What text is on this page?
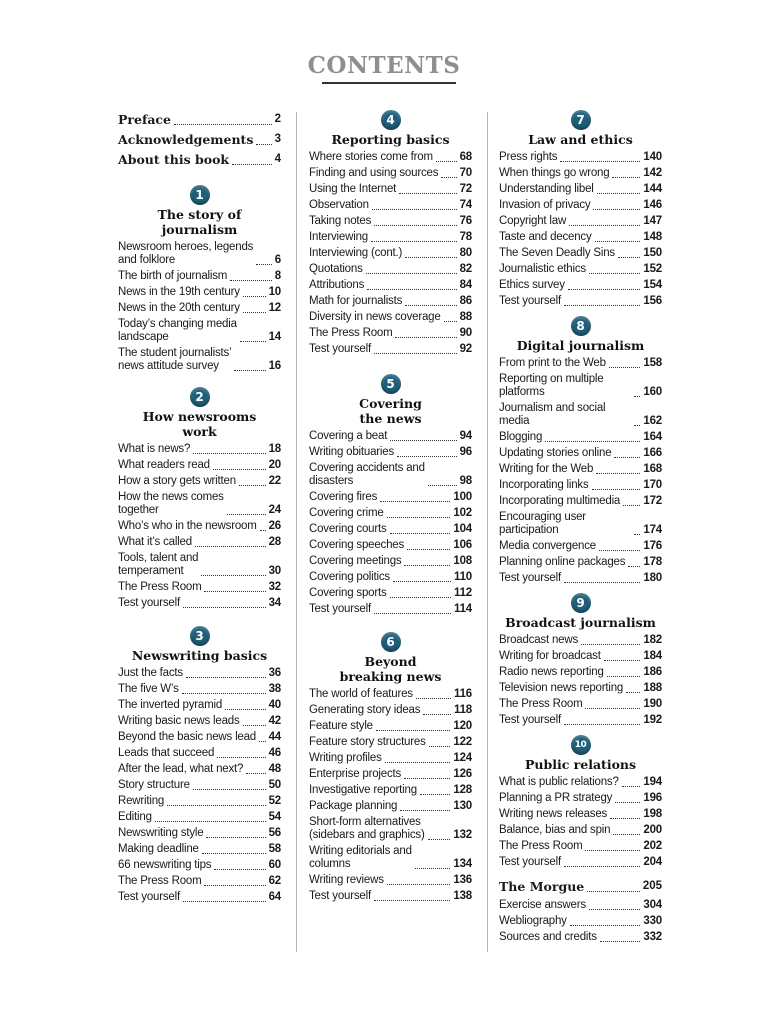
CONTENTS
Preface	2
Acknowledgements 3
About this book	4
1
The story of
journalism
Newsroom heroes, legends
and folklore	6
The birth of journalism	8
News in the 19th century	10
News in the 20th century	12
Today’s changing media
landscape	14
The student journalists’
news attitude survey	16
2
How newsrooms
work
What is news?	18
What readers read	20
How a story gets written	22
How the news comes
together	24
Who’s who in the newsroom 26
What it’s called	28
Tools, talent and
temperament	30
The Press Room	32
Test yourself	34
3
Newswriting basics
Just the facts	36
The five W’s	38
The inverted pyramid	40
Writing basic news leads	42
Beyond the basic news lead 44
Leads that succeed	46
After the lead, what next? 48
Story structure	50
Rewriting	52
Editing	54
Newswriting style	56
Making deadline	58
66 newswriting tips	60
The Press Room	62
Test yourself	64
4
Reporting basics
Where stories come from 68
Finding and using sources 70
Using the Internet	72
Observation	74
Taking notes	76
Interviewing	78
Interviewing (cont.)	80
Quotations	82
Attributions	84
Math for journalists	86
Diversity in news coverage 88
The Press Room	90
Test yourself	92
5
Covering
the news
Covering a beat	94
Writing obituaries	96
Covering accidents and
disasters	98
Covering fires	100
Covering crime	102
Covering courts	104
Covering speeches	106
Covering meetings	108
Covering politics	110
Covering sports	112
Test yourself	114
6
Beyond
breaking news
The world of features	116
Generating story ideas	118
Feature style	120
Feature story structures 122
Writing profiles	124
Enterprise projects	126
Investigative reporting	128
Package planning	130
Short-form alternatives
(sidebars and graphics)	132
Writing editorials and
columns	134
Writing reviews	136
Test yourself	138
7
Law and ethics
Press rights	140
When things go wrong	142
Understanding libel	144
Invasion of privacy	146
Copyright law	147
Taste and decency	148
The Seven Deadly Sins 150
Journalistic ethics	152
Ethics survey	154
Test yourself	156
8
Digital journalism
From print to the Web	158
Reporting on multiple platforms	160
Journalism and social media	162
Blogging	164
Updating stories online	166
Writing for the Web	168
Incorporating links	170
Incorporating multimedia 172
Encouraging user participation	174
Media convergence	176
Planning online packages 178
Test yourself	180
9
Broadcast journalism
Broadcast news	182
Writing for broadcast	184
Radio news reporting	186
Television news reporting 188
The Press Room	190
Test yourself	192
10
Public relations
What is public relations? 194
Planning a PR strategy	196
Writing news releases	198
Balance, bias and spin	200
The Press Room	202
Test yourself	204
The Morgue	205
Exercise answers	304
Webliography	330
Sources and credits	332
